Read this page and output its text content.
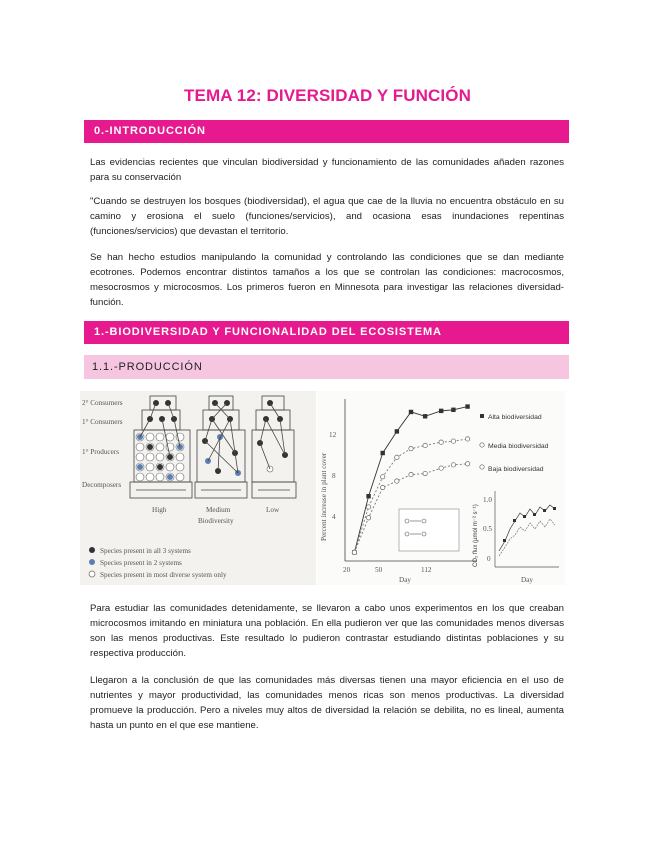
TEMA 12: DIVERSIDAD Y FUNCIÓN
0.-INTRODUCCIÓN

Las evidencias recientes que vinculan biodiversidad y funcionamiento de las comunidades añaden razones para su conservación

"Cuando se destruyen los bosques (biodiversidad), el agua que cae de la lluvia no encuentra obstáculo en su camino y erosiona el suelo (funciones/servicios), and ocasiona esas inundaciones repentinas (funciones/servicios) que devastan el territorio.

Se han hecho estudios manipulando la comunidad y controlando las condiciones que se dan mediante ecotrones. Podemos encontrar distintos tamaños a los que se controlan las condiciones: macrocosmos, mesocrosmos y microcosmos. Los primeros fueron en Minnesota para investigar las relaciones diversidad- función.

1.-BIODIVERSIDAD Y FUNCIONALIDAD DEL ECOSISTEMA
1.1.-PRODUCCIÓN
2° Consumers
1° Consumers
1° Producers
Decomposers
High	Medium	Low
Biodiversity
Species present in all 3 systems
Species present in 2 systems
Species present in most diverse system only
12
8
4
20	50	112
Day
Percent increase in plant cover
Alta biodiversidad
Media biodiversidad
Baja biodiversidad
1.0
0.5
0
Day
CO₂ flux (µmol m⁻² s⁻¹)

Para estudiar las comunidades detenidamente, se llevaron a cabo unos experimentos en los que creaban microcosmos imitando en miniatura una población. En ella pudieron ver que las comunidades menos diversas son las menos productivas. Este resultado lo pudieron contrastar estudiando distintas poblaciones y su respectiva producción.

Llegaron a la conclusión de que las comunidades más diversas tienen una mayor eficiencia en el uso de nutrientes y mayor productividad, las comunidades menos ricas son menos productivas. La diversidad promueve la producción. Pero a niveles muy altos de diversidad la relación se debilita, no es lineal, aumenta hasta un punto en el que ese mantiene.
